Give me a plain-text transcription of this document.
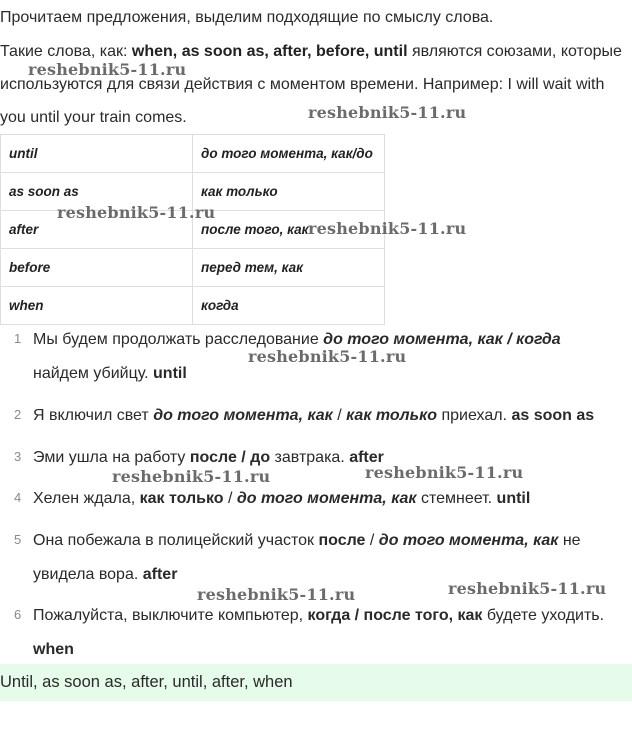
Прочитаем предложения, выделим подходящие по смыслу слова.

Такие слова, как: when, as soon as, after, before, until являются союзами, которые используются для связи действия с моментом времени. Например: I will wait with you until your train comes.

until	до того момента, как/до
as soon as	как только
after	после того, как
before	перед тем, как
when	когда
1 Мы будем продолжать расследование до того момента, как / когда
найдем убийцу. until
2 Я включил свет до того момента, как / как только приехал. as soon as
3 Эми ушла на работу после / до завтрака. after
4 Хелен ждала, как только / до того момента, как стемнеет. until
5 Она побежала в полицейский участок после / до того момента, как не увидела вора. after
6 Пожалуйста, выключите компьютер, когда / после того, как будете уходить.
when
Until, as soon as, after, until, after, when
reshebnik5-11.ru
reshebnik5-11.ru
reshebnik5-11.ru
reshebnik5-11.ru
reshebnik5-11.ru
reshebnik5-11.ru	reshebnik5-11.ru
reshebnik5-11.ru	reshebnik5-11.ru
